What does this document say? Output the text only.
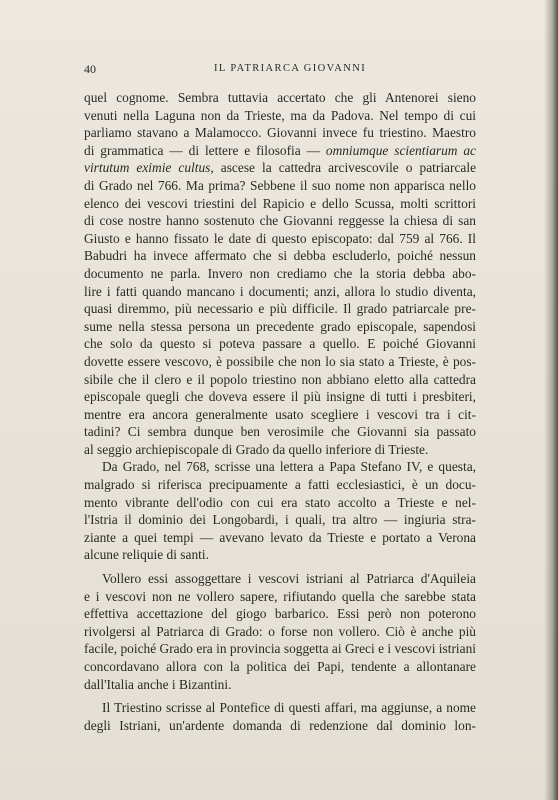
40	IL PATRIARCA GIOVANNI
quel cognome. Sembra tuttavia accertato che gli Antenorei sieno
venuti nella Laguna non da Trieste, ma da Padova. Nel tempo di cui
parliamo stavano a Malamocco. Giovanni invece fu triestino. Maestro
di grammatica — di lettere e filosofia — omniumque scientiarum ac
virtutum eximie cultus, ascese la cattedra arcivescovile o patriarcale
di Grado nel 766. Ma prima? Sebbene il suo nome non apparisca nello
elenco dei vescovi triestini del Rapicio e dello Scussa, molti scrittori
di cose nostre hanno sostenuto che Giovanni reggesse la chiesa di san
Giusto e hanno fissato le date di questo episcopato: dal 759 al 766. Il
Babudri ha invece affermato che si debba escluderlo, poiché nessun
documento ne parla. Invero non crediamo che la storia debba abo-
lire i fatti quando mancano i documenti; anzi, allora lo studio diventa,
quasi diremmo, più necessario e più difficile. Il grado patriarcale pre-
sume nella stessa persona un precedente grado episcopale, sapendosi
che solo da questo si poteva passare a quello. E poiché Giovanni
dovette essere vescovo, è possibile che non lo sia stato a Trieste, è pos-
sibile che il clero e il popolo triestino non abbiano eletto alla cattedra
episcopale quegli che doveva essere il più insigne di tutti i presbiteri,
mentre era ancora generalmente usato scegliere i vescovi tra i cit-
tadini? Ci sembra dunque ben verosimile che Giovanni sia passato
al seggio archiepiscopale di Grado da quello inferiore di Trieste.
Da Grado, nel 768, scrisse una lettera a Papa Stefano IV, e questa,
malgrado si riferisca precipuamente a fatti ecclesiastici, è un docu-
mento vibrante dell'odio con cui era stato accolto a Trieste e nel-
l'Istria il dominio dei Longobardi, i quali, tra altro — ingiuria stra-
ziante a quei tempi — avevano levato da Trieste e portato a Verona
alcune reliquie di santi.
Vollero essi assoggettare i vescovi istriani al Patriarca d'Aquileia
e i vescovi non ne vollero sapere, rifiutando quella che sarebbe stata
effettiva accettazione del giogo barbarico. Essi però non poterono
rivolgersi al Patriarca di Grado: o forse non vollero. Ciò è anche più
facile, poiché Grado era in provincia soggetta ai Greci e i vescovi istriani
concordavano allora con la politica dei Papi, tendente a allontanare
dall'Italia anche i Bizantini.
Il Triestino scrisse al Pontefice di questi affari, ma aggiunse, a nome
degli Istriani, un'ardente domanda di redenzione dal dominio lon-
